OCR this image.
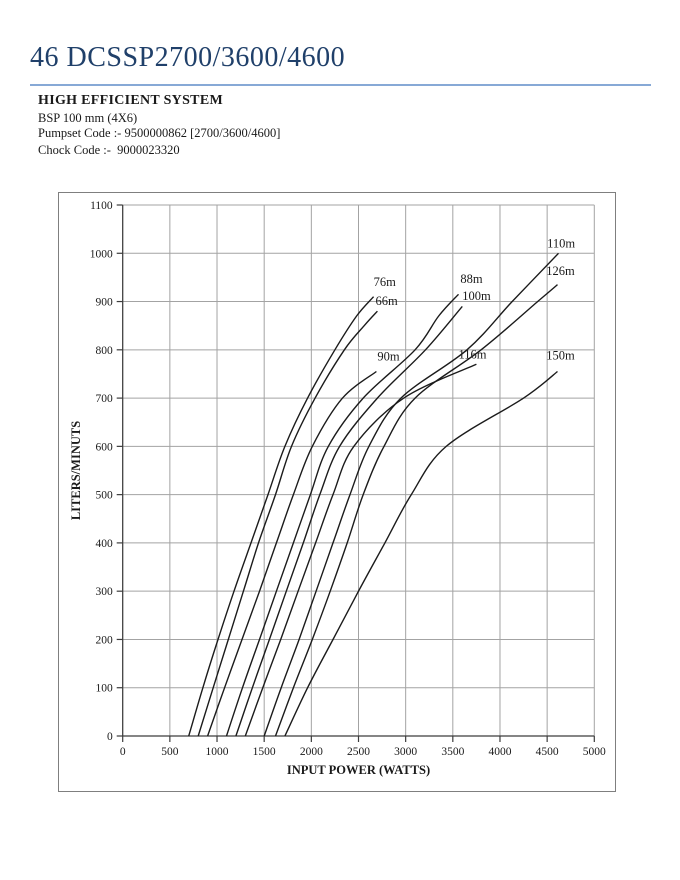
46 DCSSP2700/3600/4600
HIGH EFFICIENT SYSTEM
BSP 100 mm (4X6)
Pumpset Code :- 9500000862 [2700/3600/4600]
Chock Code :-  9000023320
0	500 1000 1500 2000 2500 3000 3500 4000 4500 5000
0
100
200
300
400
500
600
700
800
900
1000
1100
INPUT POWER (WATTS)
LITERS/MINUTS
76m
66m
90m
88m
100m
116m
110m
126m
150m
